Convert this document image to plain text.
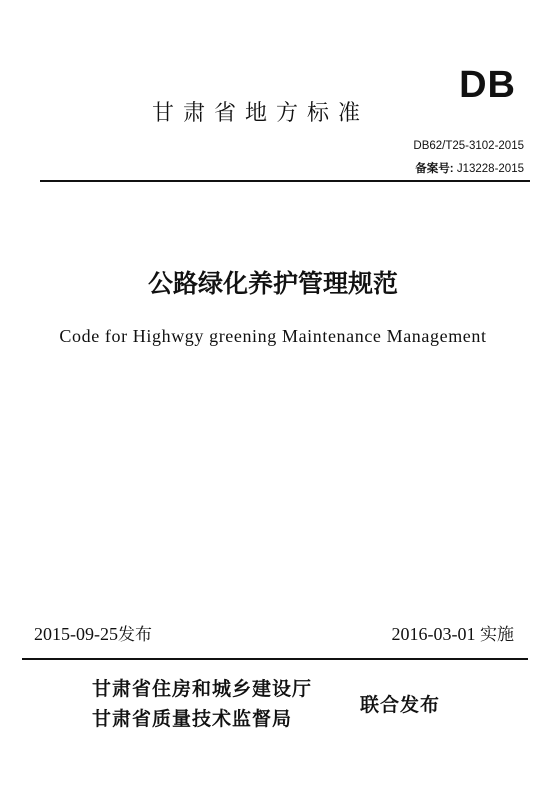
DB
甘肃省地方标准
DB62/T25-3102-2015
备案号: J13228-2015
公路绿化养护管理规范
Code for Highwgy greening Maintenance Management
2015-09-25发布	2016-03-01 实施
甘肃省住房和城乡建设厅
甘肃省质量技术监督局
联合发布
